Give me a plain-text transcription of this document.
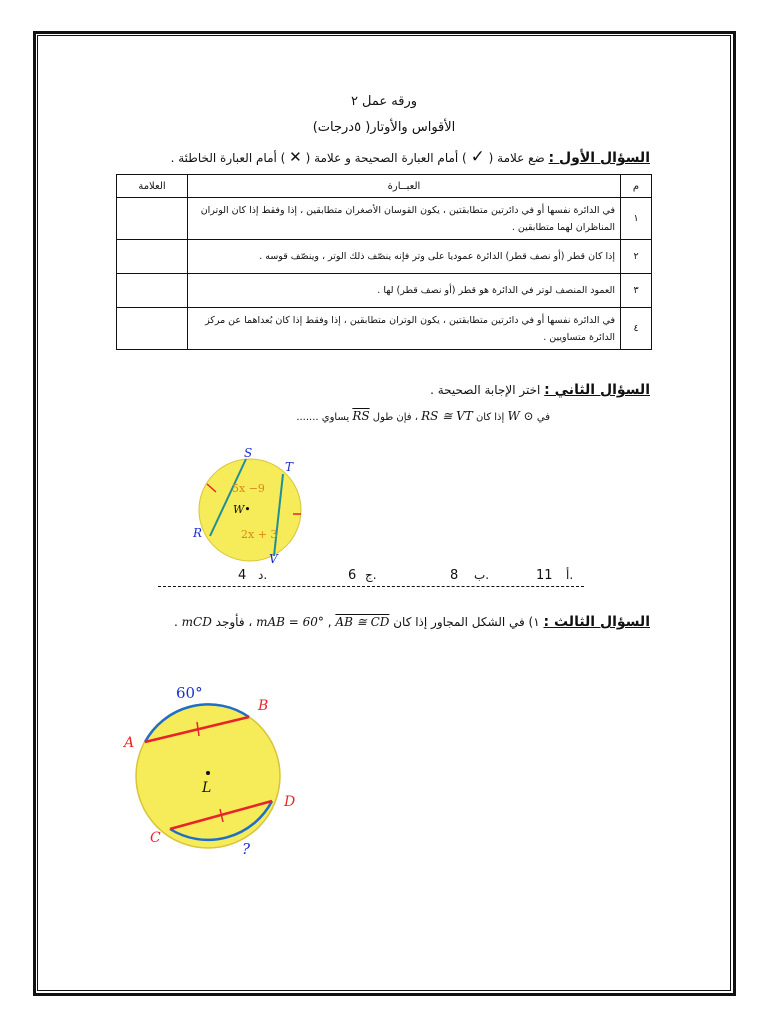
ورقه عمل ٢
الأقواس والأوتار( ٥درجات)
السؤال الأول : ضع علامة ( ✓ ) أمام العبارة الصحيحة و علامة ( ✕ ) أمام العبارة الخاطئة .
م	العبــارة	العلامة
١	في الدائرة نفسها أو في دائرتين متطابقتين ، يكون القوسان الأصغران متطابقين ، إذا وفقط إذا كان الوتران المناظران لهما متطابقين .	
٢	إذا كان قطر (أو نصف قطر) الدائرة عموديا على وتر فإنه ينصّف ذلك الوتر ، وينصّف قوسه .	
٣	العمود المنصف لوتر في الدائرة هو قطر (أو نصف قطر) لها .	
٤	في الدائرة نفسها أو في دائرتين متطابقتين ، يكون الوتران متطابقين ، إذا وفقط إذا كان بُعداهما عن مركز الدائرة متساويين .	
السؤال الثاني : اختر الإجابة الصحيحة .
في ⊙ W إذا كان RS ≅ VT ، فإن طول RS يساوي .......
S
T
R
V
W•
5x −9
2x + 3
أ.
11
ب.
8
ج.
6
د.
4
السؤال الثالث : ١) في الشكل المجاور إذا كان mAB = 60° , AB ≅ CD ، فأوجد mCD .
60°
A
B
C
D
L
?
